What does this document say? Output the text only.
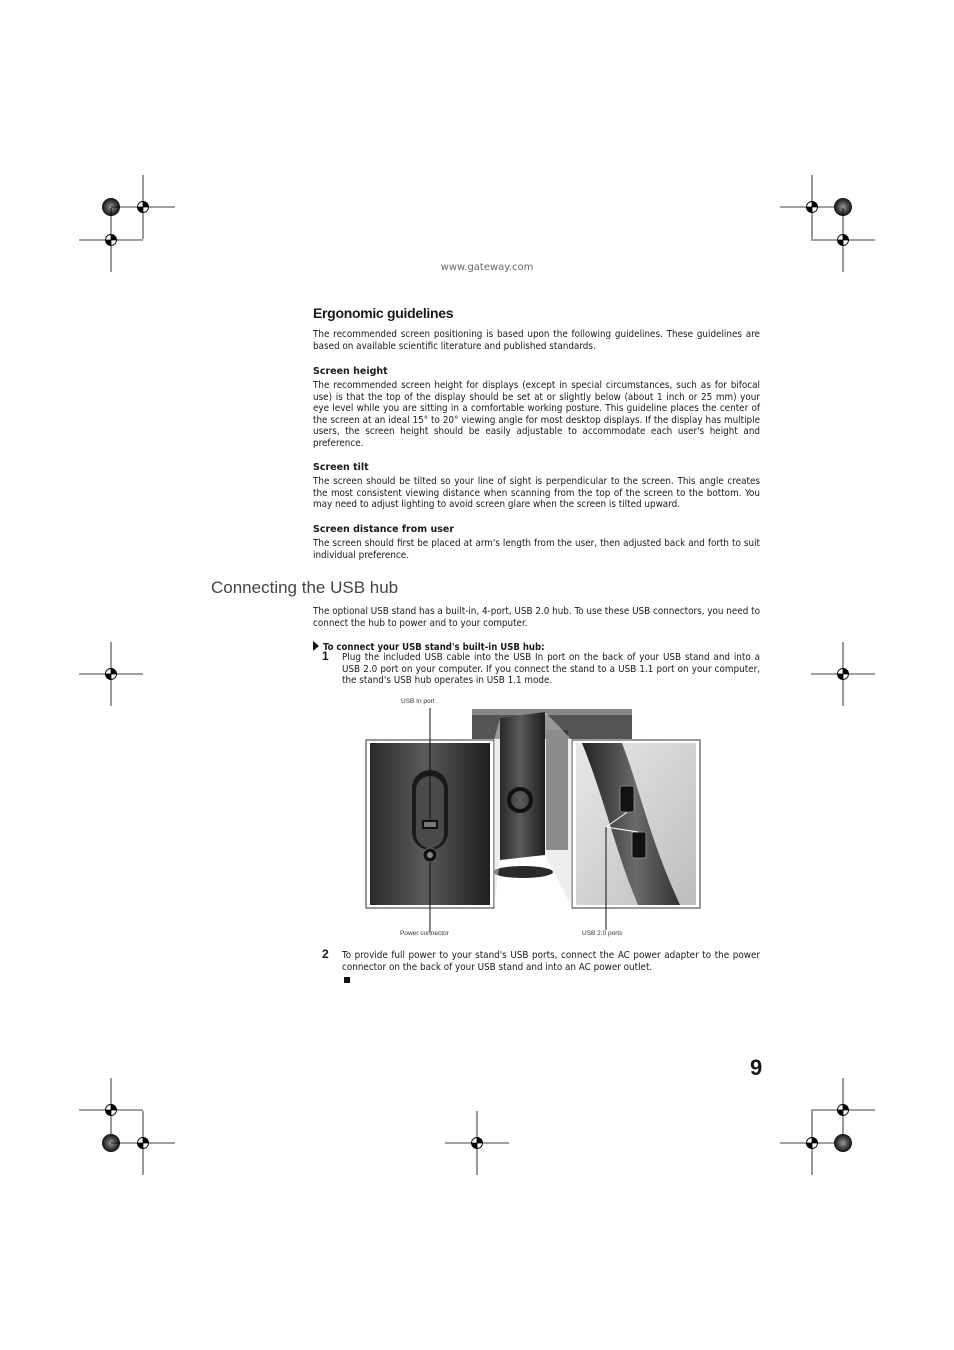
www.gateway.com
Ergonomic guidelines
The recommended screen positioning is based upon the following guidelines. These guidelines are based on available scientific literature and published standards.
Screen height
The recommended screen height for displays (except in special circumstances, such as for bifocal use) is that the top of the display should be set at or slightly below (about 1 inch or 25 mm) your eye level while you are sitting in a comfortable working posture. This guideline places the center of the screen at an ideal 15° to 20° viewing angle for most desktop displays. If the display has multiple users, the screen height should be easily adjustable to accommodate each user's height and preference.
Screen tilt
The screen should be tilted so your line of sight is perpendicular to the screen. This angle creates the most consistent viewing distance when scanning from the top of the screen to the bottom. You may need to adjust lighting to avoid screen glare when the screen is tilted upward.
Screen distance from user
The screen should first be placed at arm's length from the user, then adjusted back and forth to suit individual preference.
Connecting the USB hub
The optional USB stand has a built-in, 4-port, USB 2.0 hub. To use these USB connectors, you need to connect the hub to power and to your computer.
To connect your USB stand's built-in USB hub:
1 Plug the included USB cable into the USB In port on the back of your USB stand and into a USB 2.0 port on your computer. If you connect the stand to a USB 1.1 port on your computer, the stand's USB hub operates in USB 1.1 mode.
USB In port
Power connector	USB 2.0 ports
2 To provide full power to your stand's USB ports, connect the AC power adapter to the power connector on the back of your USB stand and into an AC power outlet.
9
